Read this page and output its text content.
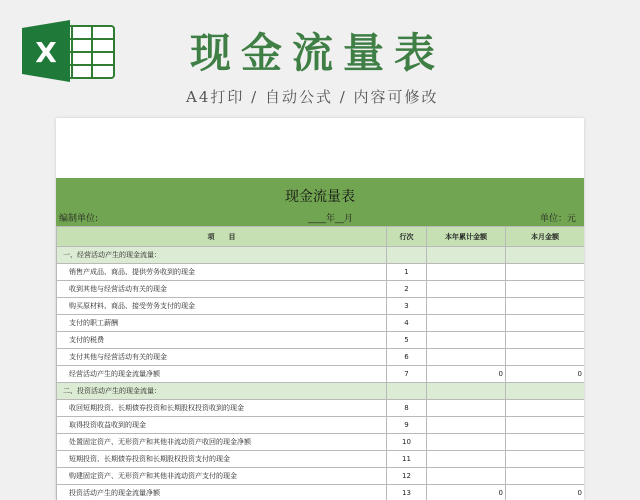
X	现金流量表
A4打印 / 自动公式 / 内容可修改
现金流量表
编制单位:	____年__月	单位：元
项　　目	行次	本年累计金额	本月金额
一、经营活动产生的现金流量：			
销售产成品、商品、提供劳务收到的现金	1		
收到其他与经营活动有关的现金	2		
购买原材料、商品、接受劳务支付的现金	3		
支付的职工薪酬	4		
支付的税费	5		
支付其他与经营活动有关的现金	6		
经营活动产生的现金流量净额	7	0	0
二、投资活动产生的现金流量：			
收回短期投资、长期债券投资和长期股权投资收到的现金	8		
取得投资收益收到的现金	9		
处置固定资产、无形资产和其他非流动资产收回的现金净额	10		
短期投资、长期债券投资和长期股权投资支付的现金	11		
购建固定资产、无形资产和其他非流动资产支付的现金	12		
投资活动产生的现金流量净额	13	0	0
